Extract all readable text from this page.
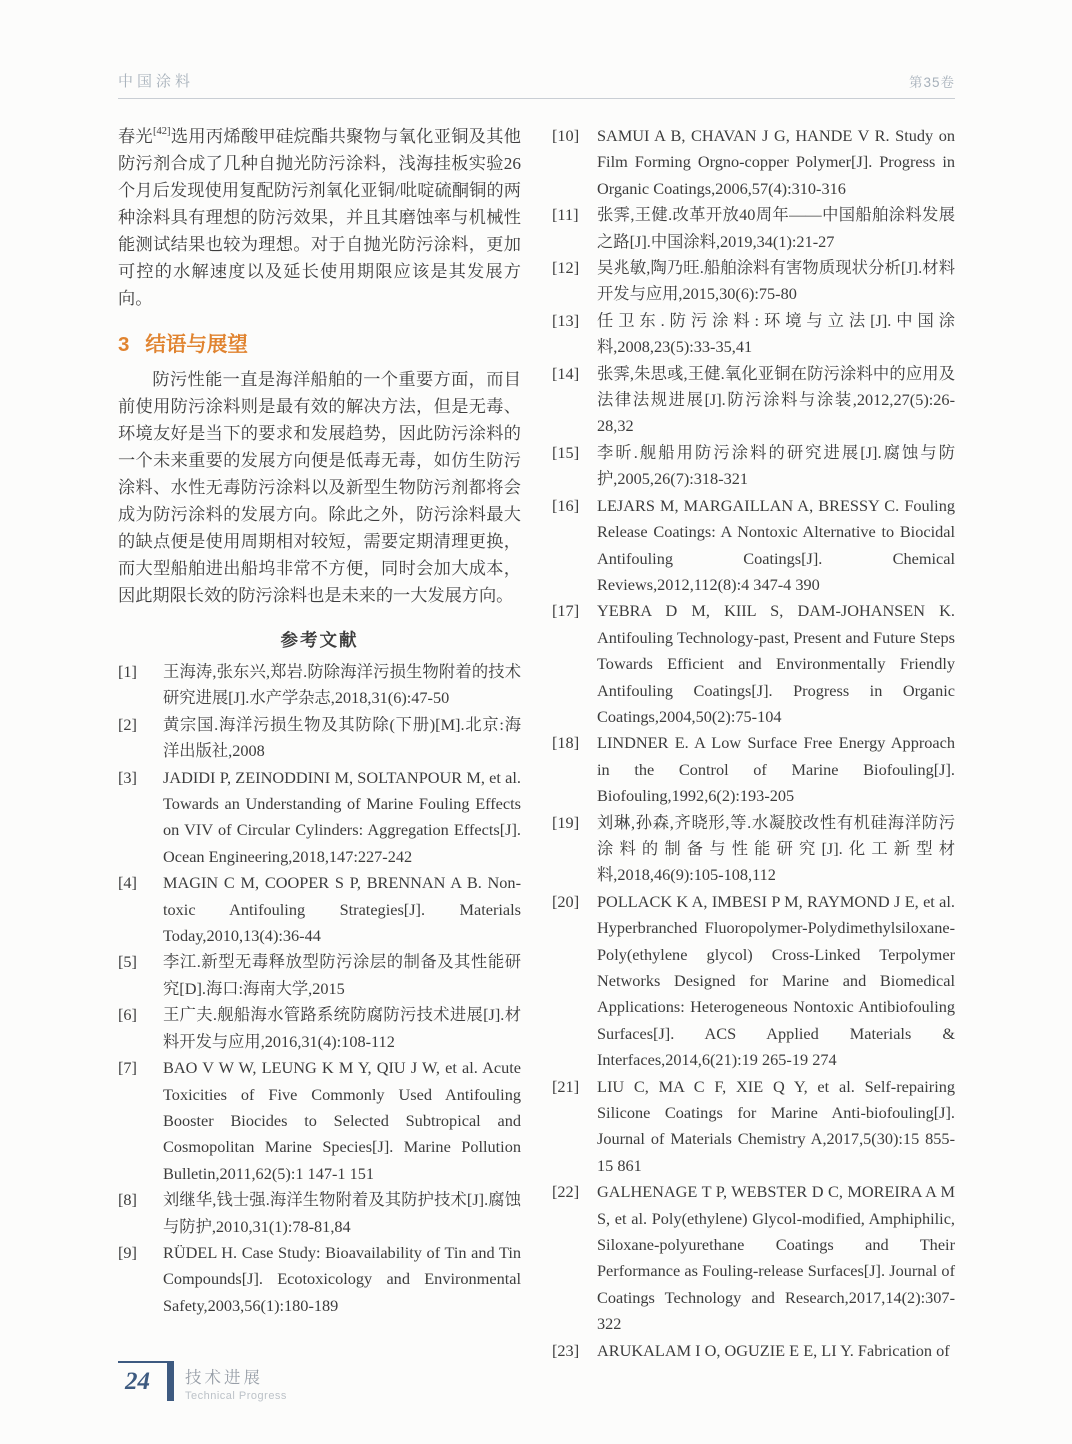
中国涂料	第35卷

春光[42]选用丙烯酸甲硅烷酯共聚物与氧化亚铜及其他防污剂合成了几种自抛光防污涂料，浅海挂板实验26个月后发现使用复配防污剂氧化亚铜/吡啶硫酮铜的两种涂料具有理想的防污效果，并且其磨蚀率与机械性能测试结果也较为理想。对于自抛光防污涂料，更加可控的水解速度以及延长使用期限应该是其发展方向。

3 结语与展望

防污性能一直是海洋船舶的一个重要方面，而目前使用防污涂料则是最有效的解决方法，但是无毒、环境友好是当下的要求和发展趋势，因此防污涂料的一个未来重要的发展方向便是低毒无毒，如仿生防污涂料、水性无毒防污涂料以及新型生物防污剂都将会成为防污涂料的发展方向。除此之外，防污涂料最大的缺点便是使用周期相对较短，需要定期清理更换，而大型船舶进出船坞非常不方便，同时会加大成本，因此期限长效的防污涂料也是未来的一大发展方向。

参考文献
[1]	王海涛,张东兴,郑岩.防除海洋污损生物附着的技术研究进展[J].水产学杂志,2018,31(6):47-50
[2]	黄宗国.海洋污损生物及其防除(下册)[M].北京:海洋出版社,2008
[3]	JADIDI P, ZEINODDINI M, SOLTANPOUR M, et al. Towards an Understanding of Marine Fouling Effects on VIV of Circular Cylinders: Aggregation Effects[J]. Ocean Engineering,2018,147:227-242
[4]	MAGIN C M, COOPER S P, BRENNAN A B. Non-toxic Antifouling Strategies[J]. Materials Today,2010,13(4):36-44
[5]	李江.新型无毒释放型防污涂层的制备及其性能研究[D].海口:海南大学,2015
[6]	王广夫.舰船海水管路系统防腐防污技术进展[J].材料开发与应用,2016,31(4):108-112
[7]	BAO V W W, LEUNG K M Y, QIU J W, et al. Acute Toxicities of Five Commonly Used Antifouling Booster Biocides to Selected Subtropical and Cosmopolitan Marine Species[J]. Marine Pollution Bulletin,2011,62(5):1 147-1 151
[8]	刘继华,钱士强.海洋生物附着及其防护技术[J].腐蚀与防护,2010,31(1):78-81,84
[9]	RÜDEL H. Case Study: Bioavailability of Tin and Tin Compounds[J]. Ecotoxicology and Environmental Safety,2003,56(1):180-189
[10]	SAMUI A B, CHAVAN J G, HANDE V R. Study on Film Forming Orgno-copper Polymer[J]. Progress in Organic Coatings,2006,57(4):310-316
[11]	张霁,王健.改革开放40周年——中国船舶涂料发展之路[J].中国涂料,2019,34(1):21-27
[12]	吴兆敏,陶乃旺.船舶涂料有害物质现状分析[J].材料开发与应用,2015,30(6):75-80
[13]	任卫东.防污涂料:环境与立法[J].中国涂料,2008,23(5):33-35,41
[14]	张霁,朱思彧,王健.氧化亚铜在防污涂料中的应用及法律法规进展[J].防污涂料与涂装,2012,27(5):26-28,32
[15]	李昕.舰船用防污涂料的研究进展[J].腐蚀与防护,2005,26(7):318-321
[16]	LEJARS M, MARGAILLAN A, BRESSY C. Fouling Release Coatings: A Nontoxic Alternative to Biocidal Antifouling Coatings[J]. Chemical Reviews,2012,112(8):4 347-4 390
[17]	YEBRA D M, KIIL S, DAM-JOHANSEN K. Antifouling Technology-past, Present and Future Steps Towards Efficient and Environmentally Friendly Antifouling Coatings[J]. Progress in Organic Coatings,2004,50(2):75-104
[18]	LINDNER E. A Low Surface Free Energy Approach in the Control of Marine Biofouling[J]. Biofouling,1992,6(2):193-205
[19]	刘琳,孙森,齐晓形,等.水凝胶改性有机硅海洋防污涂料的制备与性能研究[J].化工新型材料,2018,46(9):105-108,112
[20]	POLLACK K A, IMBESI P M, RAYMOND J E, et al. Hyperbranched Fluoropolymer-Polydimethylsiloxane-Poly(ethylene glycol) Cross-Linked Terpolymer Networks Designed for Marine and Biomedical Applications: Heterogeneous Nontoxic Antibiofouling Surfaces[J]. ACS Applied Materials & Interfaces,2014,6(21):19 265-19 274
[21]	LIU C, MA C F, XIE Q Y, et al. Self-repairing Silicone Coatings for Marine Anti-biofouling[J]. Journal of Materials Chemistry A,2017,5(30):15 855-15 861
[22]	GALHENAGE T P, WEBSTER D C, MOREIRA A M S, et al. Poly(ethylene) Glycol-modified, Amphiphilic, Siloxane-polyurethane Coatings and Their Performance as Fouling-release Surfaces[J]. Journal of Coatings Technology and Research,2017,14(2):307-322
[23]	ARUKALAM I O, OGUZIE E E, LI Y. Fabrication of
24 技术进展
Technical Progress
